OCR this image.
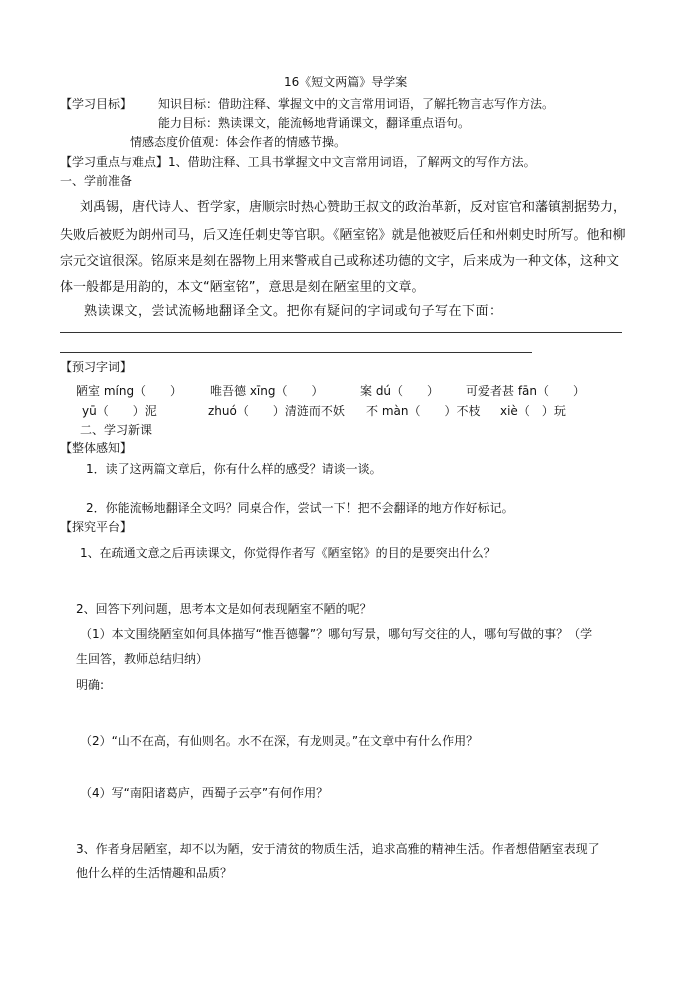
16《短文两篇》导学案
【学习目标】 知识目标：借助注释、掌握文中的文言常用词语，了解托物言志写作方法。
能力目标：熟读课文，能流畅地背诵课文，翻译重点语句。
情感态度价值观：体会作者的情感节操。
【学习重点与难点】1、借助注释、工具书掌握文中文言常用词语，了解两文的写作方法。
一、学前准备
刘禹锡，唐代诗人、哲学家，唐顺宗时热心赞助王叔文的政治革新，反对宦官和藩镇割据势力，
失败后被贬为朗州司马，后又连任刺史等官职。《陋室铭》就是他被贬后任和州刺史时所写。他和柳
宗元交谊很深。铭原来是刻在器物上用来警戒自己或称述功德的文字，后来成为一种文体，这种文
体一般都是用韵的，本文“陋室铭”，意思是刻在陋室里的文章。
熟读课文，尝试流畅地翻译全文。把你有疑问的字词或句子写在下面：
【预习字词】
陋室 míng（　　） 唯吾德 xīng（　　）	案 dú（　　） 可爱者甚 fān（　　）
yū（　　）泥	zhuó（　　）清涟而不妖 不 màn（　　）不枝 xiè（　）玩
二、学习新课
【整体感知】
1．读了这两篇文章后，你有什么样的感受？请谈一谈。
2．你能流畅地翻译全文吗？同桌合作，尝试一下！把不会翻译的地方作好标记。
【探究平台】
1、在疏通文意之后再读课文，你觉得作者写《陋室铭》的目的是要突出什么？
2、回答下列问题，思考本文是如何表现陋室不陋的呢？
（1）本文围绕陋室如何具体描写“惟吾德馨”？哪句写景，哪句写交往的人，哪句写做的事？（学
生回答，教师总结归纳）
明确:
（2）“山不在高，有仙则名。水不在深，有龙则灵。”在文章中有什么作用？
（4）写“南阳诸葛庐，西蜀子云亭”有何作用？
3、作者身居陋室，却不以为陋，安于清贫的物质生活，追求高雅的精神生活。作者想借陋室表现了
他什么样的生活情趣和品质？
